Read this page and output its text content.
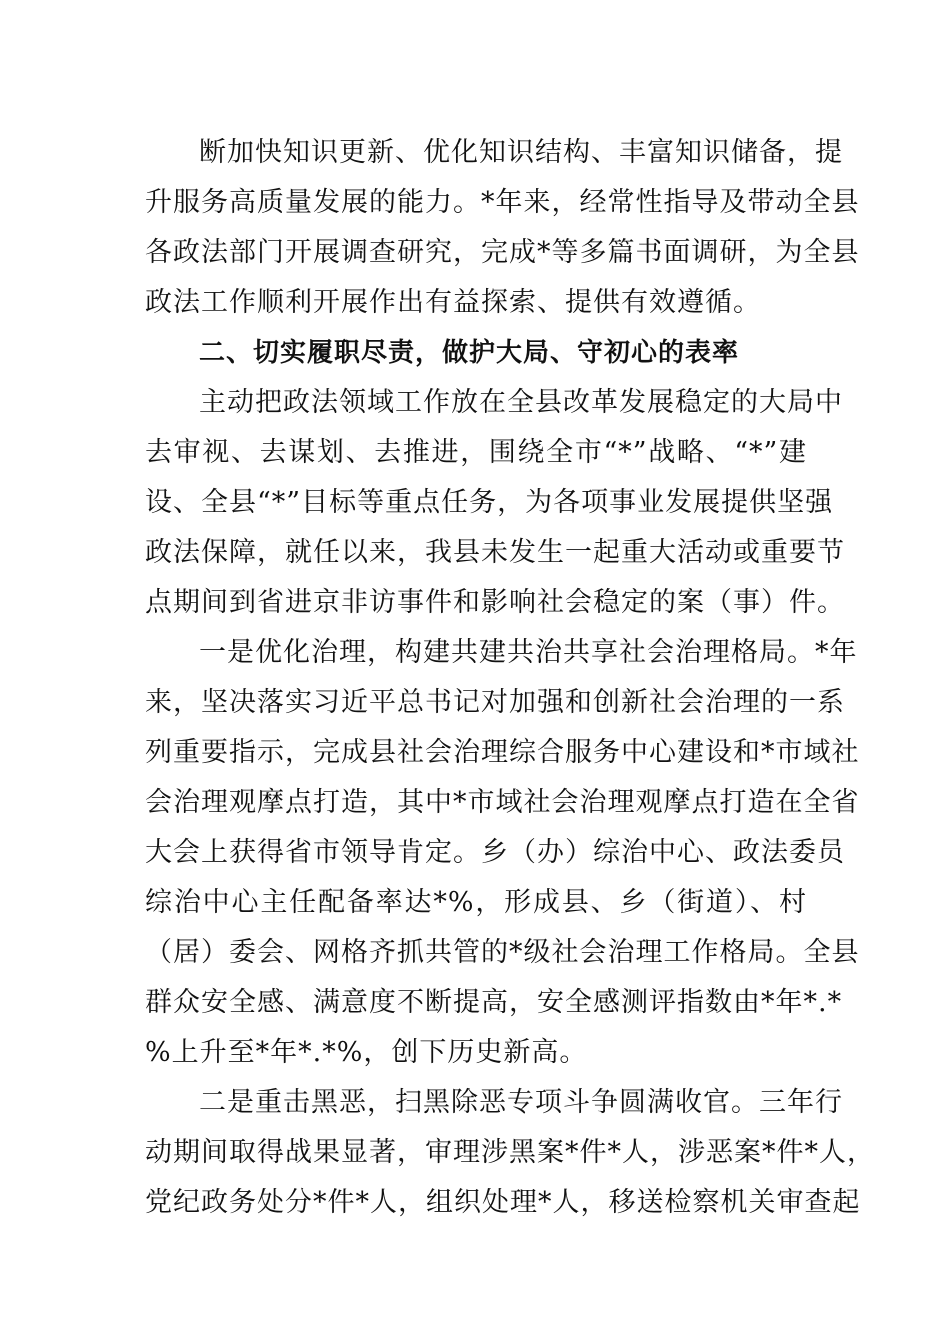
断加快知识更新、优化知识结构、丰富知识储备，提
升服务高质量发展的能力。*年来，经常性指导及带动全县
各政法部门开展调查研究，完成*等多篇书面调研，为全县
政法工作顺利开展作出有益探索、提供有效遵循。
二、切实履职尽责，做护大局、守初心的表率
主动把政法领域工作放在全县改革发展稳定的大局中
去审视、去谋划、去推进，围绕全市“*”战略、“*”建
设、全县“*”目标等重点任务，为各项事业发展提供坚强
政法保障，就任以来，我县未发生一起重大活动或重要节
点期间到省进京非访事件和影响社会稳定的案（事）件。
一是优化治理，构建共建共治共享社会治理格局。*年
来，坚决落实习近平总书记对加强和创新社会治理的一系
列重要指示，完成县社会治理综合服务中心建设和*市域社
会治理观摩点打造，其中*市域社会治理观摩点打造在全省
大会上获得省市领导肯定。乡（办）综治中心、政法委员
综治中心主任配备率达*%，形成县、乡（街道）、村
（居）委会、网格齐抓共管的*级社会治理工作格局。全县
群众安全感、满意度不断提高，安全感测评指数由*年*.*
%上升至*年*.*%，创下历史新高。
二是重击黑恶，扫黑除恶专项斗争圆满收官。三年行
动期间取得战果显著，审理涉黑案*件*人，涉恶案*件*人，
党纪政务处分*件*人，组织处理*人，移送检察机关审查起
